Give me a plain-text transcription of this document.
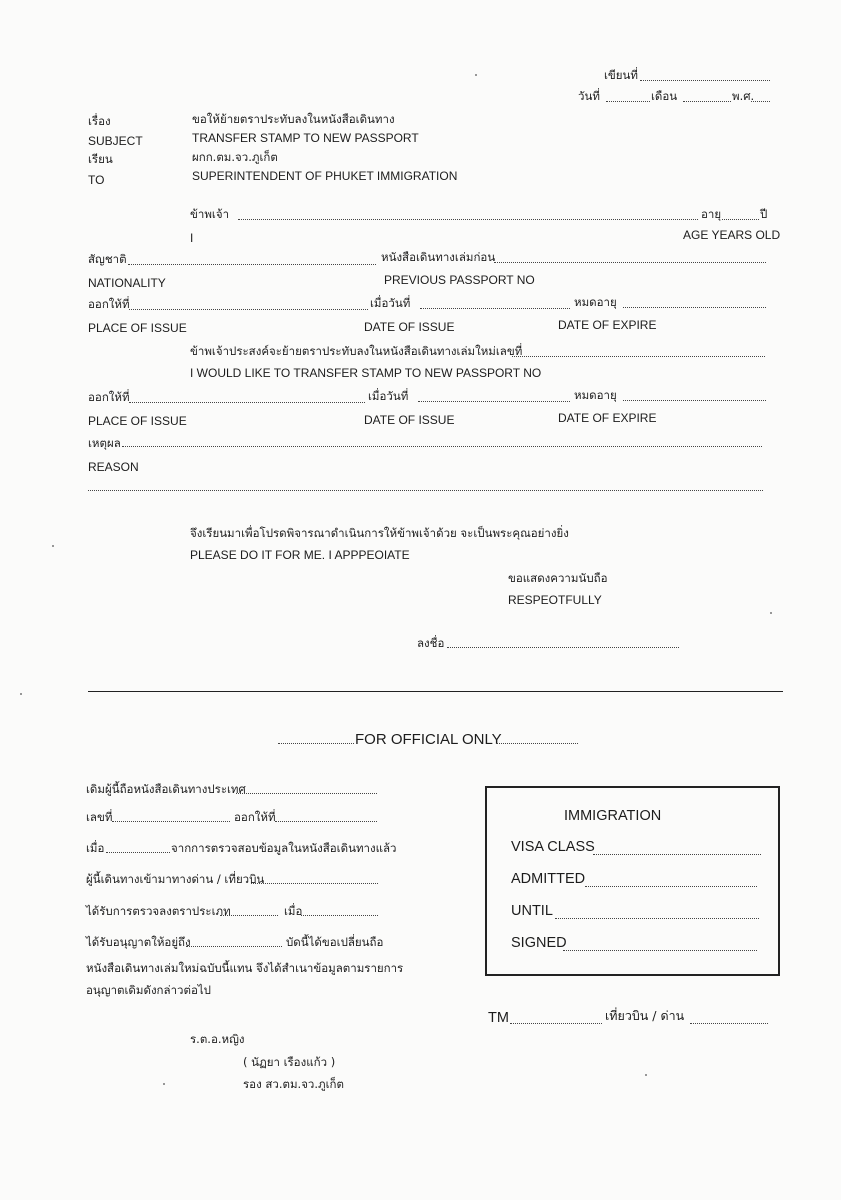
เขียนที่
วันที่	เดือน	พ.ศ.
เรื่อง	ขอให้ย้ายตราประทับลงในหนังสือเดินทาง
SUBJECT	TRANSFER STAMP TO NEW PASSPORT
เรียน	ผกก.ตม.จว.ภูเก็ต
TO	SUPERINTENDENT OF PHUKET IMMIGRATION
ข้าพเจ้า	อายุ	ปี
I	AGE YEARS OLD
สัญชาติ	หนังสือเดินทางเล่มก่อน
NATIONALITY	PREVIOUS PASSPORT NO
ออกให้ที่	เมื่อวันที่	หมดอายุ
PLACE OF ISSUE	DATE OF ISSUE	DATE OF EXPIRE
ข้าพเจ้าประสงค์จะย้ายตราประทับลงในหนังสือเดินทางเล่มใหม่เลขที่
I WOULD LIKE TO TRANSFER STAMP TO NEW PASSPORT NO
ออกให้ที่	เมื่อวันที่	หมดอายุ
PLACE OF ISSUE	DATE OF ISSUE	DATE OF EXPIRE
เหตุผล
REASON
จึงเรียนมาเพื่อโปรดพิจารณาดำเนินการให้ข้าพเจ้าด้วย จะเป็นพระคุณอย่างยิ่ง
PLEASE DO IT FOR ME. I APPPEOIATE
ขอแสดงความนับถือ
RESPEOTFULLY
ลงชื่อ
FOR OFFICIAL ONLY
เดิมผู้นี้ถือหนังสือเดินทางประเทศ
เลขที่	ออกให้ที่
เมื่อ	จากการตรวจสอบข้อมูลในหนังสือเดินทางแล้ว
ผู้นี้เดินทางเข้ามาทางด่าน / เที่ยวบิน
ได้รับการตรวจลงตราประเภท	เมื่อ
ได้รับอนุญาตให้อยู่ถึง	บัดนี้ได้ขอเปลี่ยนถือ
หนังสือเดินทางเล่มใหม่ฉบับนี้แทน จึงได้สำเนาข้อมูลตามรายการ
อนุญาตเดิมดังกล่าวต่อไป
ร.ต.อ.หญิง
( นัฏยา เรืองแก้ว )
รอง สว.ตม.จว.ภูเก็ต
IMMIGRATION
VISA CLASS
ADMITTED
UNTIL
SIGNED
TM	เที่ยวบิน / ด่าน
